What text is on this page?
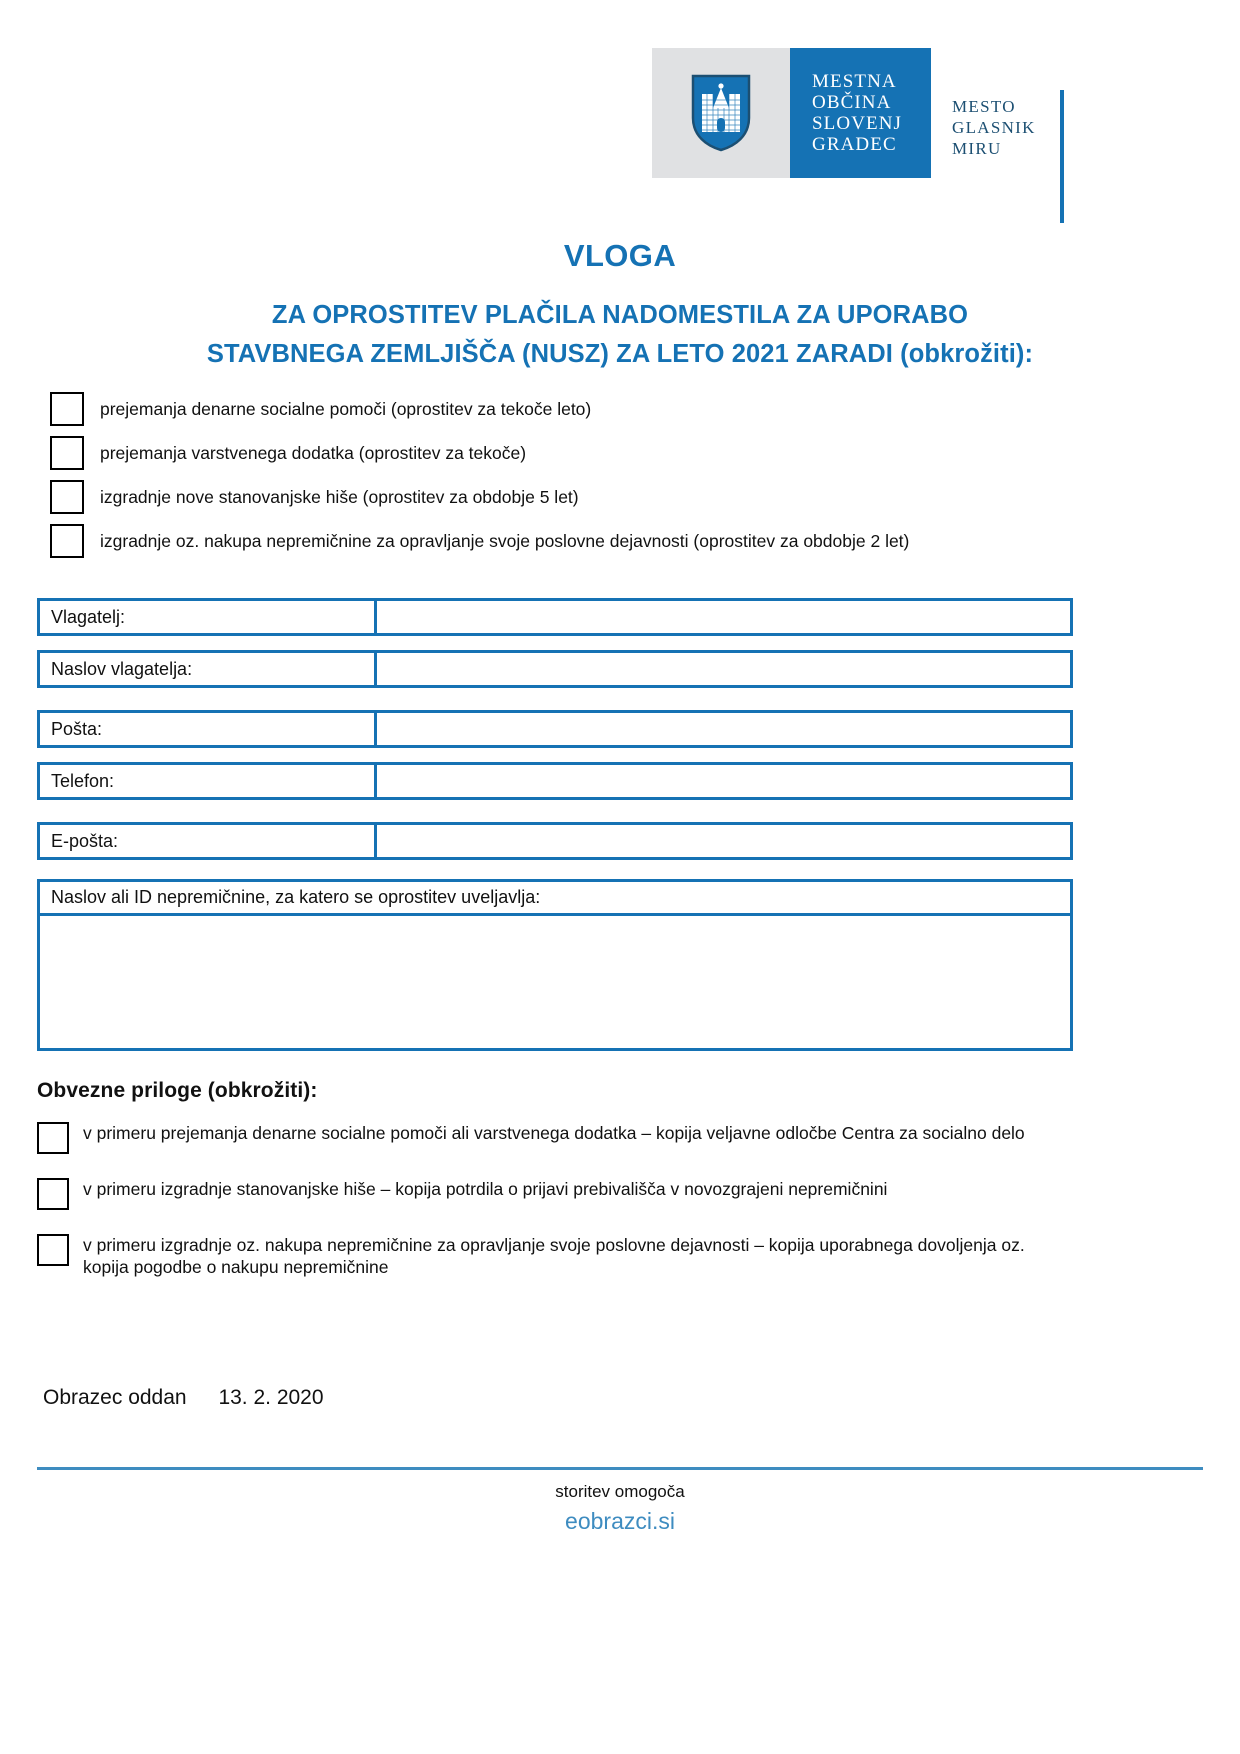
MESTNA
OBČINA
SLOVENJ
GRADEC
MESTO
GLASNIK
MIRU
VLOGA
ZA OPROSTITEV PLAČILA NADOMESTILA ZA UPORABO
STAVBNEGA ZEMLJIŠČA (NUSZ) ZA LETO 2021 ZARADI (obkrožiti):
prejemanja denarne socialne pomoči (oprostitev za tekoče leto)
prejemanja varstvenega dodatka (oprostitev za tekoče)
izgradnje nove stanovanjske hiše (oprostitev za obdobje 5 let)
izgradnje oz. nakupa nepremičnine za opravljanje svoje poslovne dejavnosti (oprostitev za obdobje 2 let)
Vlagatelj:
Naslov vlagatelja:
Pošta:
Telefon:
E-pošta:
Naslov ali ID nepremičnine, za katero se oprostitev uveljavlja:
Obvezne priloge (obkrožiti):
v primeru prejemanja denarne socialne pomoči ali varstvenega dodatka – kopija veljavne odločbe Centra za socialno delo
v primeru izgradnje stanovanjske hiše – kopija potrdila o prijavi prebivališča v novozgrajeni nepremičnini
v primeru izgradnje oz. nakupa nepremičnine za opravljanje svoje poslovne dejavnosti – kopija uporabnega dovoljenja oz. kopija pogodbe o nakupu nepremičnine
Obrazec oddan 13. 2. 2020
storitev omogoča
eobrazci.si
